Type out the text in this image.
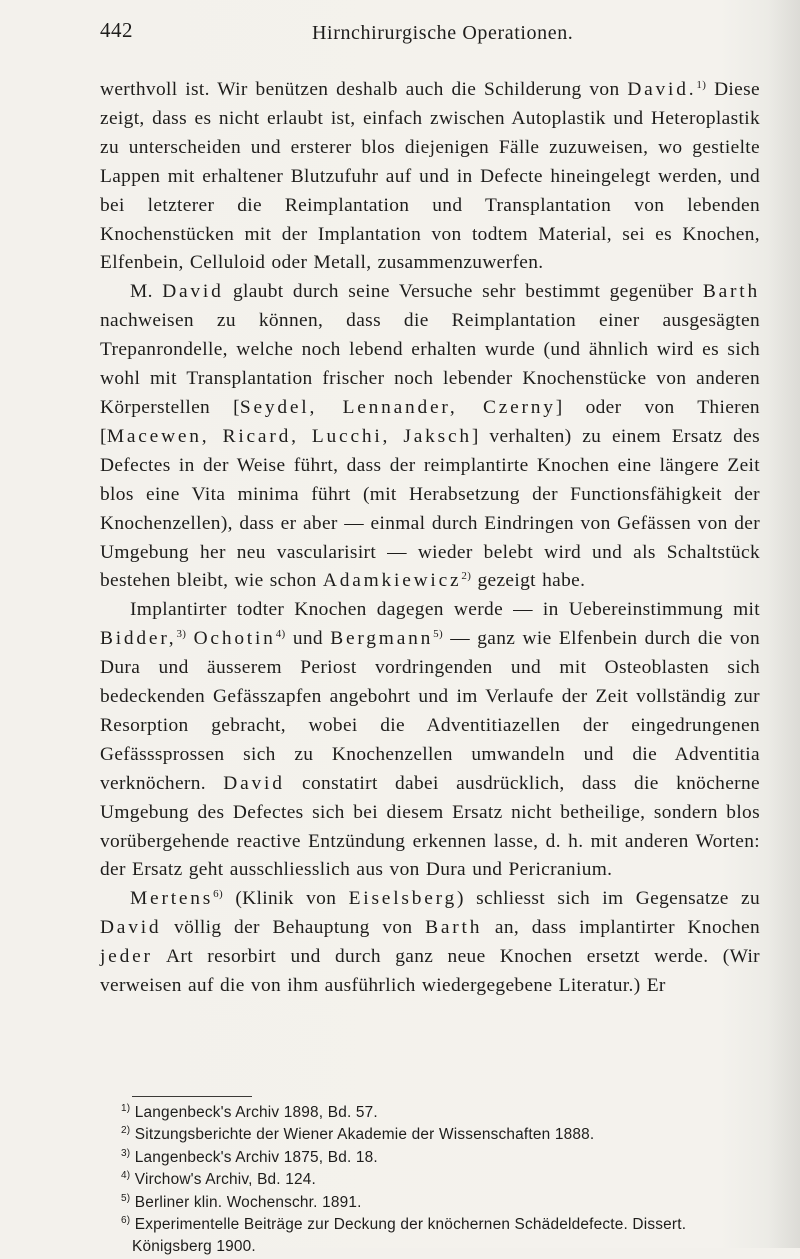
442	Hirnchirurgische Operationen.

werthvoll ist. Wir benützen deshalb auch die Schilderung von David.$^{1)}$ Diese zeigt, dass es nicht erlaubt ist, einfach zwischen Autoplastik und Heteroplastik zu unterscheiden und ersterer blos diejenigen Fälle zuzuweisen, wo gestielte Lappen mit erhaltener Blutzufuhr auf und in Defecte hineingelegt werden, und bei letzterer die Reimplantation und Transplantation von lebenden Knochenstücken mit der Implantation von todtem Material, sei es Knochen, Elfenbein, Celluloid oder Metall, zusammenzuwerfen.

M. David glaubt durch seine Versuche sehr bestimmt gegenüber Barth nachweisen zu können, dass die Reimplantation einer ausgesägten Trepanrondelle, welche noch lebend erhalten wurde (und ähnlich wird es sich wohl mit Transplantation frischer noch lebender Knochenstücke von anderen Körperstellen [Seydel, Lennander, Czerny] oder von Thieren [Macewen, Ricard, Lucchi, Jaksch] verhalten) zu einem Ersatz des Defectes in der Weise führt, dass der reimplantirte Knochen eine längere Zeit blos eine Vita minima führt (mit Herabsetzung der Functionsfähigkeit der Knochenzellen), dass er aber — einmal durch Eindringen von Gefässen von der Umgebung her neu vascularisirt — wieder belebt wird und als Schaltstück bestehen bleibt, wie schon Adamkiewicz$^{2)}$ gezeigt habe.

Implantirter todter Knochen dagegen werde — in Uebereinstimmung mit Bidder,$^{3)}$ Ochotin$^{4)}$ und Bergmann$^{5)}$ — ganz wie Elfenbein durch die von Dura und äusserem Periost vordringenden und mit Osteoblasten sich bedeckenden Gefässzapfen angebohrt und im Verlaufe der Zeit vollständig zur Resorption gebracht, wobei die Adventitiazellen der eingedrungenen Gefässsprossen sich zu Knochenzellen umwandeln und die Adventitia verknöchern. David constatirt dabei ausdrücklich, dass die knöcherne Umgebung des Defectes sich bei diesem Ersatz nicht betheilige, sondern blos vorübergehende reactive Entzündung erkennen lasse, d. h. mit anderen Worten: der Ersatz geht ausschliesslich aus von Dura und Pericranium.

Mertens$^{6)}$ (Klinik von Eiselsberg) schliesst sich im Gegensatze zu David völlig der Behauptung von Barth an, dass implantirter Knochen jeder Art resorbirt und durch ganz neue Knochen ersetzt werde. (Wir verweisen auf die von ihm ausführlich wiedergegebene Literatur.) Er

$^{1)}$ Langenbeck's Archiv 1898, Bd. 57.

$^{2)}$ Sitzungsberichte der Wiener Akademie der Wissenschaften 1888.

$^{3)}$ Langenbeck's Archiv 1875, Bd. 18.

$^{4)}$ Virchow's Archiv, Bd. 124.

$^{5)}$ Berliner klin. Wochenschr. 1891.

$^{6)}$ Experimentelle Beiträge zur Deckung der knöchernen Schädeldefecte. Dissert. Königsberg 1900.
